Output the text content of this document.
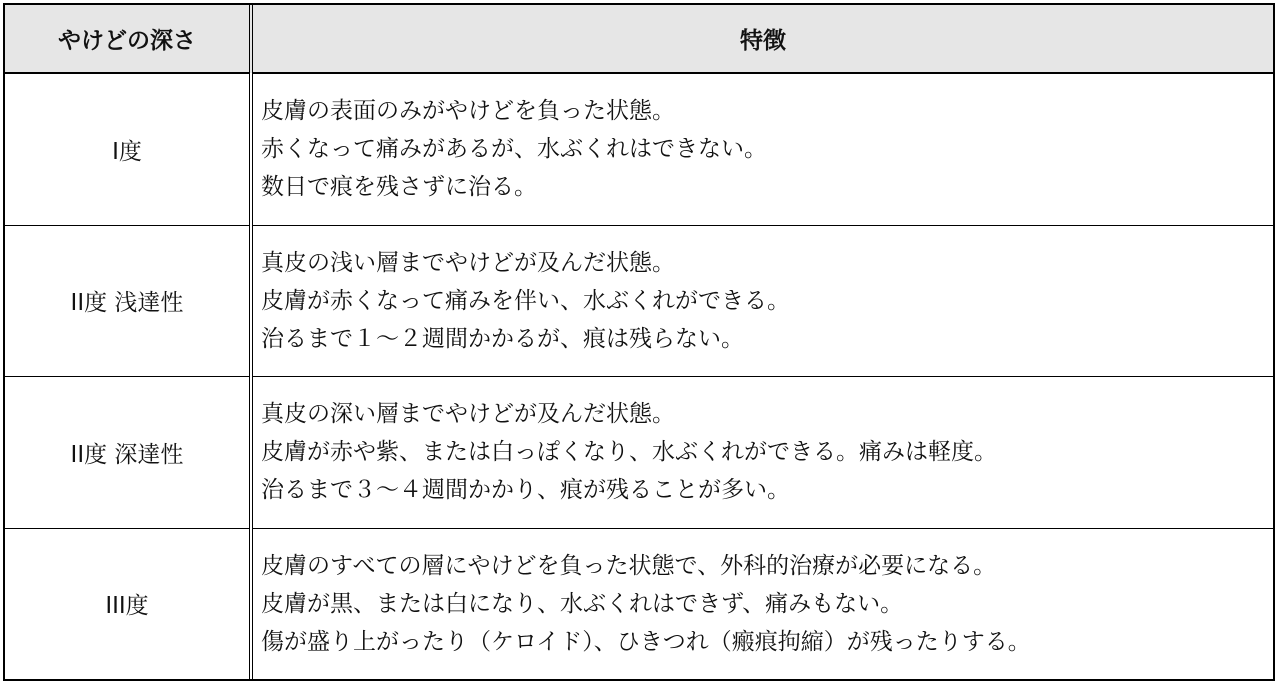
やけどの深さ	特徴
I度	皮膚の表面のみがやけどを負った状態。
赤くなって痛みがあるが、水ぶくれはできない。
数日で痕を残さずに治る。

II度 浅達性	真皮の浅い層までやけどが及んだ状態。
皮膚が赤くなって痛みを伴い、水ぶくれができる。
治るまで１～２週間かかるが、痕は残らない。

II度 深達性	真皮の深い層までやけどが及んだ状態。
皮膚が赤や紫、または白っぽくなり、水ぶくれができる。痛みは軽度。
治るまで３～４週間かかり、痕が残ることが多い。

III度	皮膚のすべての層にやけどを負った状態で、外科的治療が必要になる。
皮膚が黒、または白になり、水ぶくれはできず、痛みもない。
傷が盛り上がったり（ケロイド）、ひきつれ（瘢痕拘縮）が残ったりする。
